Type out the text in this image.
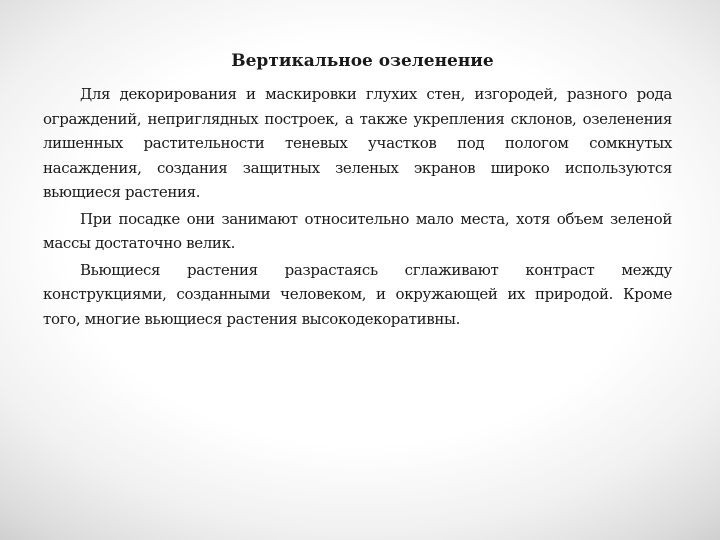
Вертикальное озеленение

Для декорирования и маскировки глухих стен, изгородей, разного рода ограждений, неприглядных построек, а также укрепления склонов, озеленения лишенных растительности теневых участков под пологом сомкнутых насаждения, создания защитных зеленых экранов широко используются вьющиеся растения.

При посадке они занимают относительно мало места, хотя объем зеленой массы достаточно велик.

Вьющиеся растения разрастаясь сглаживают контраст между конструкциями, созданными человеком, и окружающей их природой. Кроме того, многие вьющиеся растения высокодекоративны.
